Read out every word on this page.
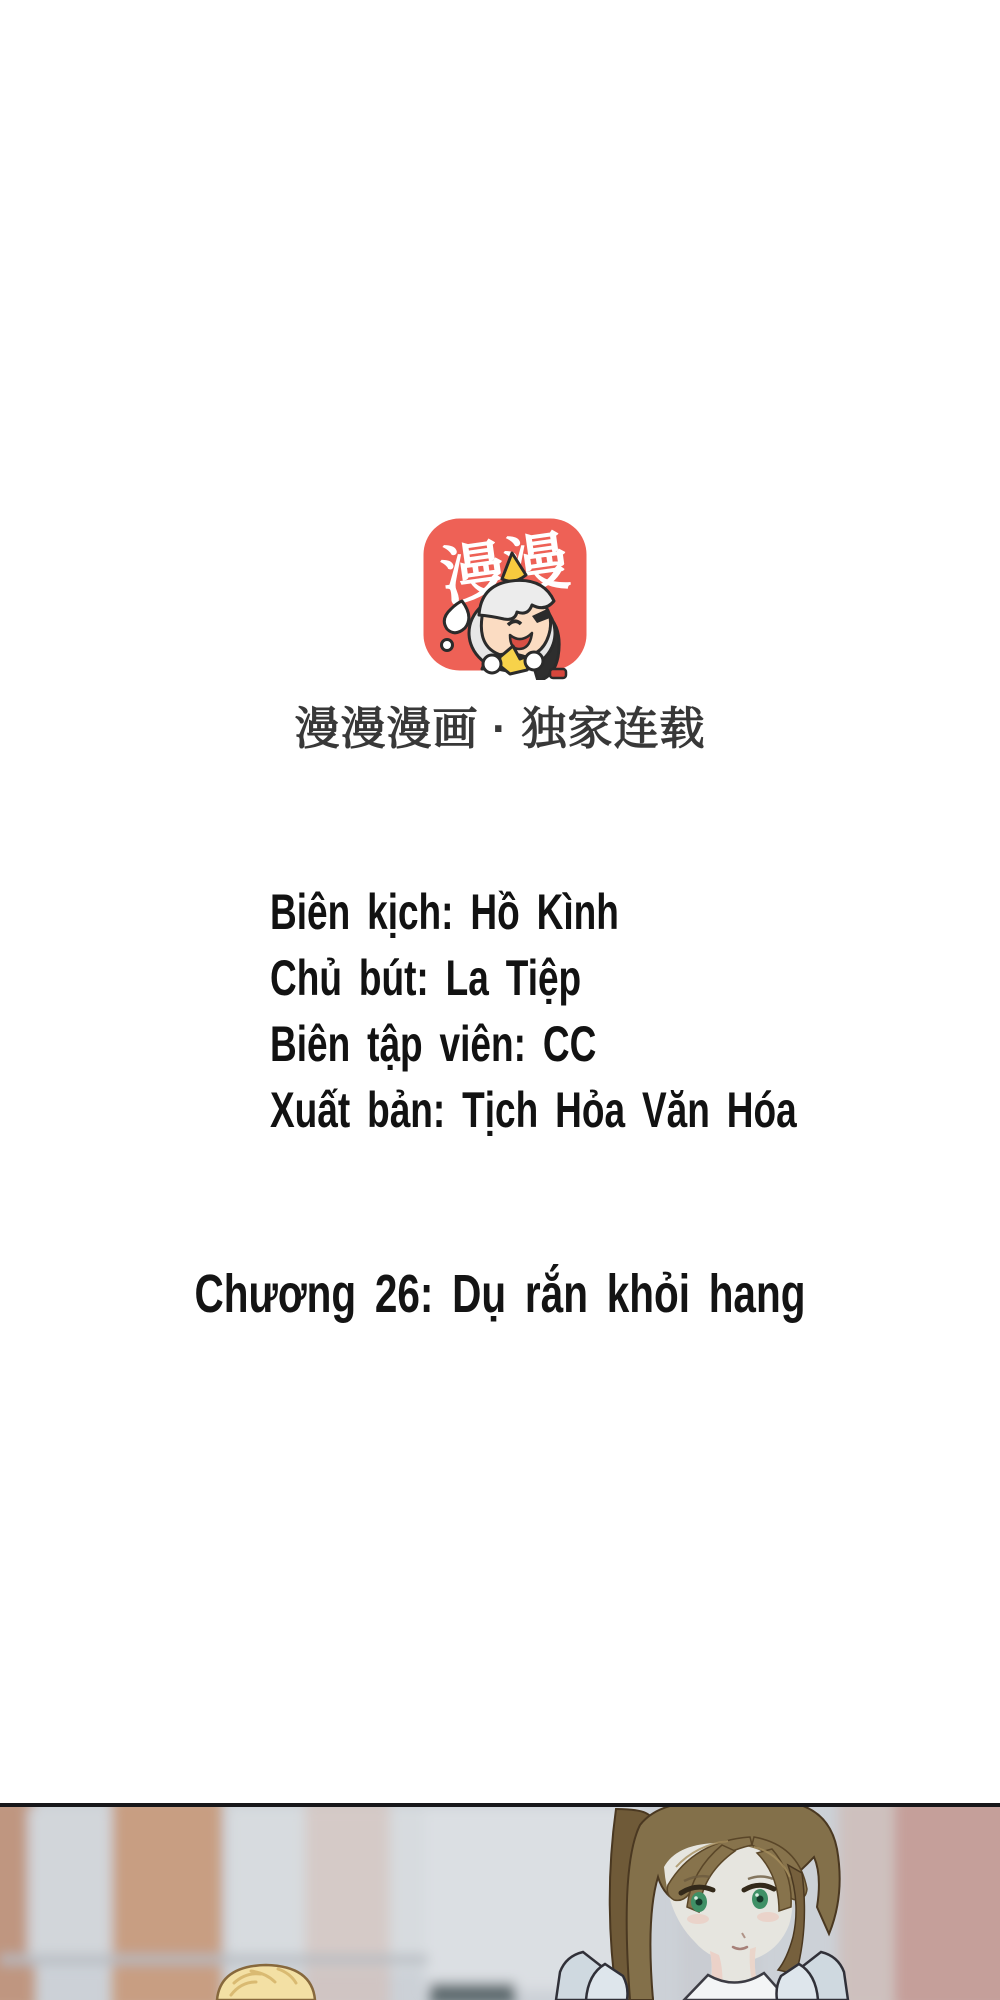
漫漫漫画 · 独家连载
Biên kịch: Hồ Kình
Chủ bút: La Tiệp
Biên tập viên: CC
Xuất bản: Tịch Hỏa Văn Hóa
Chương 26: Dụ rắn khỏi hang
